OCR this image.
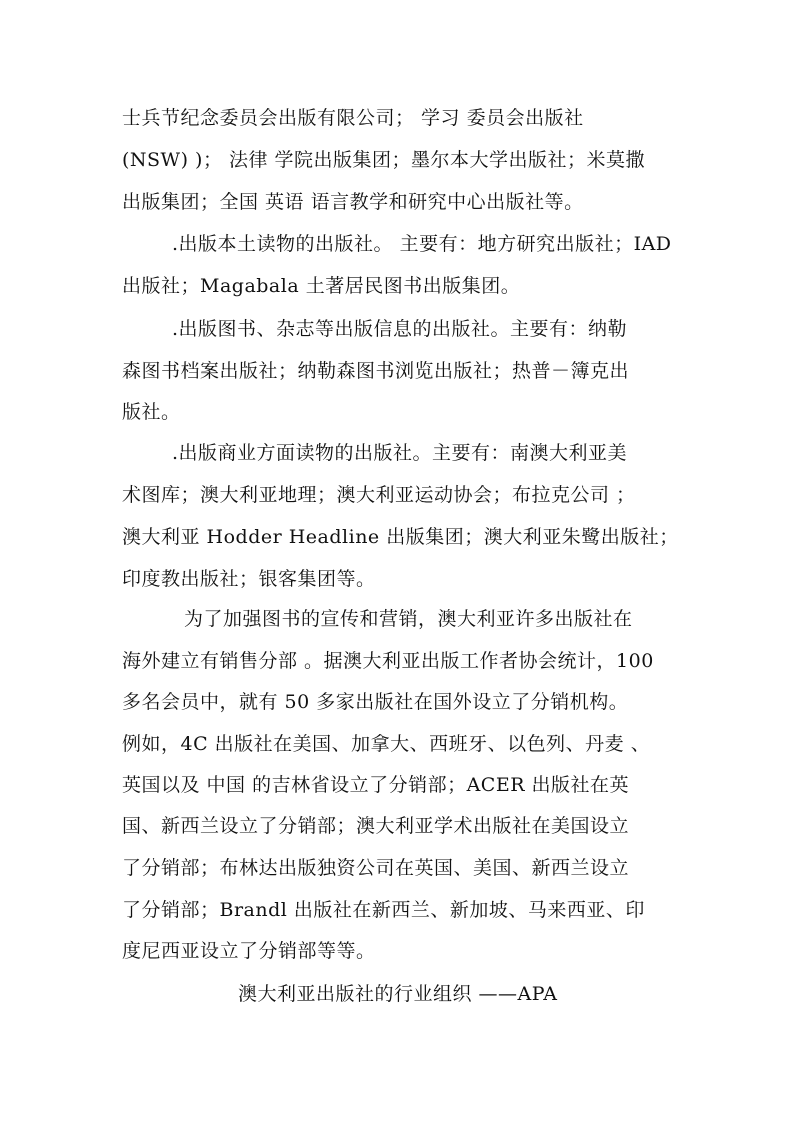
士兵节纪念委员会出版有限公司； 学习 委员会出版社
(NSW) )； 法律 学院出版集团；墨尔本大学出版社；米莫撒
出版集团；全国 英语 语言教学和研究中心出版社等。
.出版本土读物的出版社。 主要有：地方研究出版社；IAD
出版社；Magabala 土著居民图书出版集团。
.出版图书、杂志等出版信息的出版社。主要有：纳勒
森图书档案出版社；纳勒森图书浏览出版社；热普－簿克出
版社。
.出版商业方面读物的出版社。主要有：南澳大利亚美
术图库；澳大利亚地理；澳大利亚运动协会；布拉克公司 ；
澳大利亚 Hodder Headline 出版集团；澳大利亚朱鹭出版社；
印度教出版社；银客集团等。
为了加强图书的宣传和营销，澳大利亚许多出版社在
海外建立有销售分部 。据澳大利亚出版工作者协会统计，100
多名会员中，就有 50 多家出版社在国外设立了分销机构。
例如，4C 出版社在美国、加拿大、西班牙、以色列、丹麦 、
英国以及 中国 的吉林省设立了分销部；ACER 出版社在英
国、新西兰设立了分销部；澳大利亚学术出版社在美国设立
了分销部；布林达出版独资公司在英国、美国、新西兰设立
了分销部；Brandl 出版社在新西兰、新加坡、马来西亚、印
度尼西亚设立了分销部等等。
澳大利亚出版社的行业组织 ——APA
